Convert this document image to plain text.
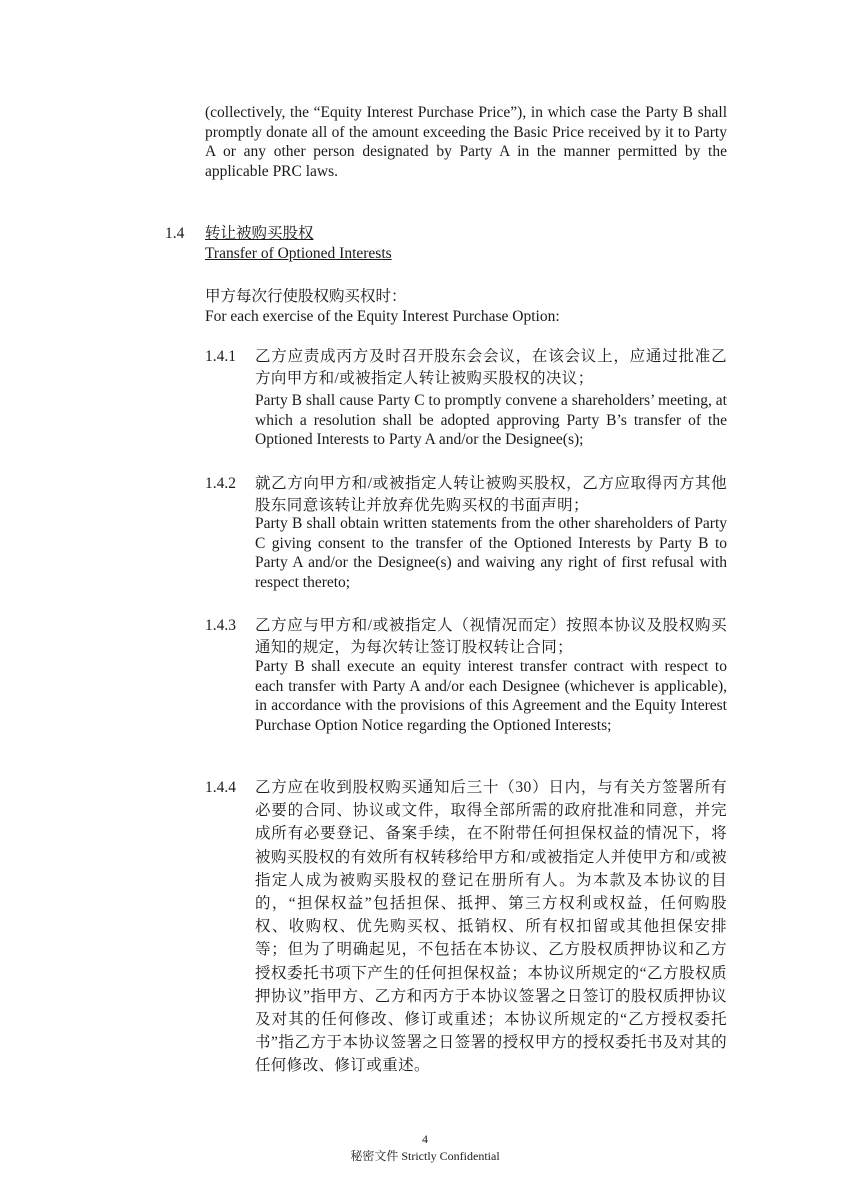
(collectively, the “Equity Interest Purchase Price”), in which case the Party B shall promptly donate all of the amount exceeding the Basic Price received by it to Party A or any other person designated by Party A in the manner permitted by the applicable PRC laws.
1.4 转让被购买股权
Transfer of Optioned Interests
甲方每次行使股权购买权时：
For each exercise of the Equity Interest Purchase Option:
1.4.1 乙方应责成丙方及时召开股东会会议，在该会议上，应通过批准乙方向甲方和/或被指定人转让被购买股权的决议；
Party B shall cause Party C to promptly convene a shareholders’ meeting, at which a resolution shall be adopted approving Party B’s transfer of the Optioned Interests to Party A and/or the Designee(s);
1.4.2 就乙方向甲方和/或被指定人转让被购买股权，乙方应取得丙方其他股东同意该转让并放弃优先购买权的书面声明；
Party B shall obtain written statements from the other shareholders of Party C giving consent to the transfer of the Optioned Interests by Party B to Party A and/or the Designee(s) and waiving any right of first refusal with respect thereto;
1.4.3 乙方应与甲方和/或被指定人（视情况而定）按照本协议及股权购买通知的规定，为每次转让签订股权转让合同；
Party B shall execute an equity interest transfer contract with respect to each transfer with Party A and/or each Designee (whichever is applicable), in accordance with the provisions of this Agreement and the Equity Interest Purchase Option Notice regarding the Optioned Interests;
1.4.4 乙方应在收到股权购买通知后三十（30）日内，与有关方签署所有必要的合同、协议或文件，取得全部所需的政府批准和同意，并完成所有必要登记、备案手续，在不附带任何担保权益的情况下，将被购买股权的有效所有权转移给甲方和/或被指定人并使甲方和/或被指定人成为被购买股权的登记在册所有人。为本款及本协议的目的，“担保权益”包括担保、抵押、第三方权利或权益，任何购股权、收购权、优先购买权、抵销权、所有权扣留或其他担保安排等；但为了明确起见，不包括在本协议、乙方股权质押协议和乙方授权委托书项下产生的任何担保权益；本协议所规定的“乙方股权质押协议”指甲方、乙方和丙方于本协议签署之日签订的股权质押协议及对其的任何修改、修订或重述；本协议所规定的“乙方授权委托书”指乙方于本协议签署之日签署的授权甲方的授权委托书及对其的任何修改、修订或重述。
4
秘密文件 Strictly Confidential
